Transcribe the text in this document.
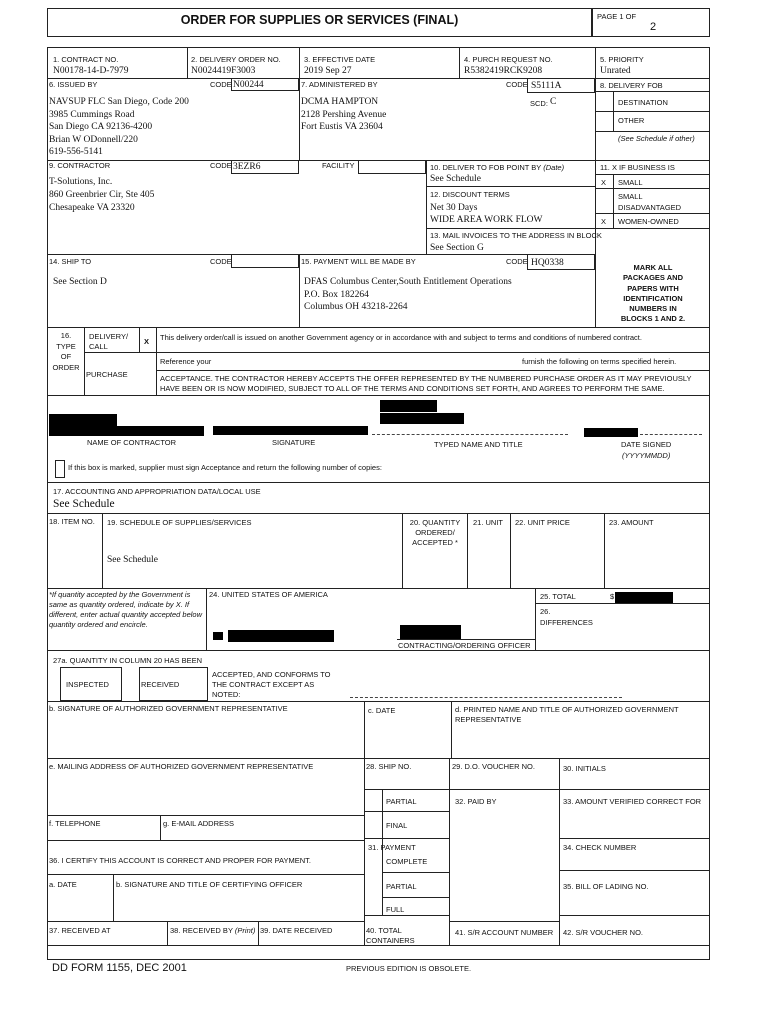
ORDER FOR SUPPLIES OR SERVICES (FINAL)	PAGE 1 OF
2
1. CONTRACT NO.
N00178-14-D-7979
2. DELIVERY ORDER NO.
N0024419F3003
3. EFFECTIVE DATE
2019 Sep 27
4. PURCH REQUEST NO.
R5382419RCK9208
5. PRIORITY
Unrated
6. ISSUED BY	CODE N00244
NAVSUP FLC San Diego, Code 200
3985 Cummings Road
San Diego CA 92136-4200
Brian W ODonnell/220
619-556-5141
7. ADMINISTERED BY	CODE S5111A
SCD: C
DCMA HAMPTON
2128 Pershing Avenue
Fort Eustis VA 23604
8. DELIVERY FOB
DESTINATION
OTHER
(See Schedule if other)
9. CONTRACTOR	CODE 3EZR6	FACILITY
T-Solutions, Inc.
860 Greenbrier Cir, Ste 405
Chesapeake VA 23320
10. DELIVER TO FOB POINT BY (Date)
See Schedule
12. DISCOUNT TERMS
Net 30 Days
WIDE AREA WORK FLOW
13. MAIL INVOICES TO THE ADDRESS IN BLOCK
See Section G
11. X IF BUSINESS IS
X SMALL
SMALL
DISADVANTAGED
X WOMEN-OWNED
14. SHIP TO	CODE
See Section D
15. PAYMENT WILL BE MADE BY	CODE HQ0338
DFAS Columbus Center,South Entitlement Operations
P.O. Box 182264
Columbus OH 43218-2264
MARK ALL
PACKAGES AND
PAPERS WITH
IDENTIFICATION
NUMBERS IN
BLOCKS 1 AND 2.
16.
TYPE
OF
ORDER
DELIVERY/
CALL
X This delivery order/call is issued on another Government agency or in accordance with and subject to terms and conditions of numbered contract.
Reference your	furnish the following on terms specified herein.
PURCHASE	ACCEPTANCE. THE CONTRACTOR HEREBY ACCEPTS THE OFFER REPRESENTED BY THE NUMBERED PURCHASE ORDER AS IT MAY PREVIOUSLY
HAVE BEEN OR IS NOW MODIFIED, SUBJECT TO ALL OF THE TERMS AND CONDITIONS SET FORTH, AND AGREES TO PERFORM THE SAME.
NAME OF CONTRACTOR	SIGNATURE	TYPED NAME AND TITLE	DATE SIGNED
(YYYYMMDD)
If this box is marked, supplier must sign Acceptance and return the following number of copies:
17. ACCOUNTING AND APPROPRIATION DATA/LOCAL USE
See Schedule
18. ITEM NO. 19. SCHEDULE OF SUPPLIES/SERVICES	20. QUANTITY
ORDERED/
ACCEPTED *
21. UNIT 22. UNIT PRICE	23. AMOUNT
See Schedule
*If quantity accepted by the Government is
same as quantity ordered, indicate by X. If
different, enter actual quantity accepted below
quantity ordered and encircle.
24. UNITED STATES OF AMERICA	25. TOTAL	$
26.
DIFFERENCES
CONTRACTING/ORDERING OFFICER
27a. QUANTITY IN COLUMN 20 HAS BEEN
INSPECTED	RECEIVED
ACCEPTED, AND CONFORMS TO
THE CONTRACT EXCEPT AS
NOTED:
b. SIGNATURE OF AUTHORIZED GOVERNMENT REPRESENTATIVE	c. DATE	d. PRINTED NAME AND TITLE OF AUTHORIZED GOVERNMENT
REPRESENTATIVE
e. MAILING ADDRESS OF AUTHORIZED GOVERNMENT REPRESENTATIVE	28. SHIP NO.	29. D.O. VOUCHER NO.	30. INITIALS
PARTIAL	32. PAID BY	33. AMOUNT VERIFIED CORRECT FOR
f. TELEPHONE	g. E-MAIL ADDRESS	FINAL
31. PAYMENT	34. CHECK NUMBER
36. I CERTIFY THIS ACCOUNT IS CORRECT AND PROPER FOR PAYMENT.	COMPLETE
a. DATE	b. SIGNATURE AND TITLE OF CERTIFYING OFFICER	PARTIAL	35. BILL OF LADING NO.
FULL
37. RECEIVED AT	38. RECEIVED BY (Print) 39. DATE RECEIVED	40. TOTAL
CONTAINERS
41. S/R ACCOUNT NUMBER 42. S/R VOUCHER NO.
DD FORM 1155, DEC 2001	PREVIOUS EDITION IS OBSOLETE.
